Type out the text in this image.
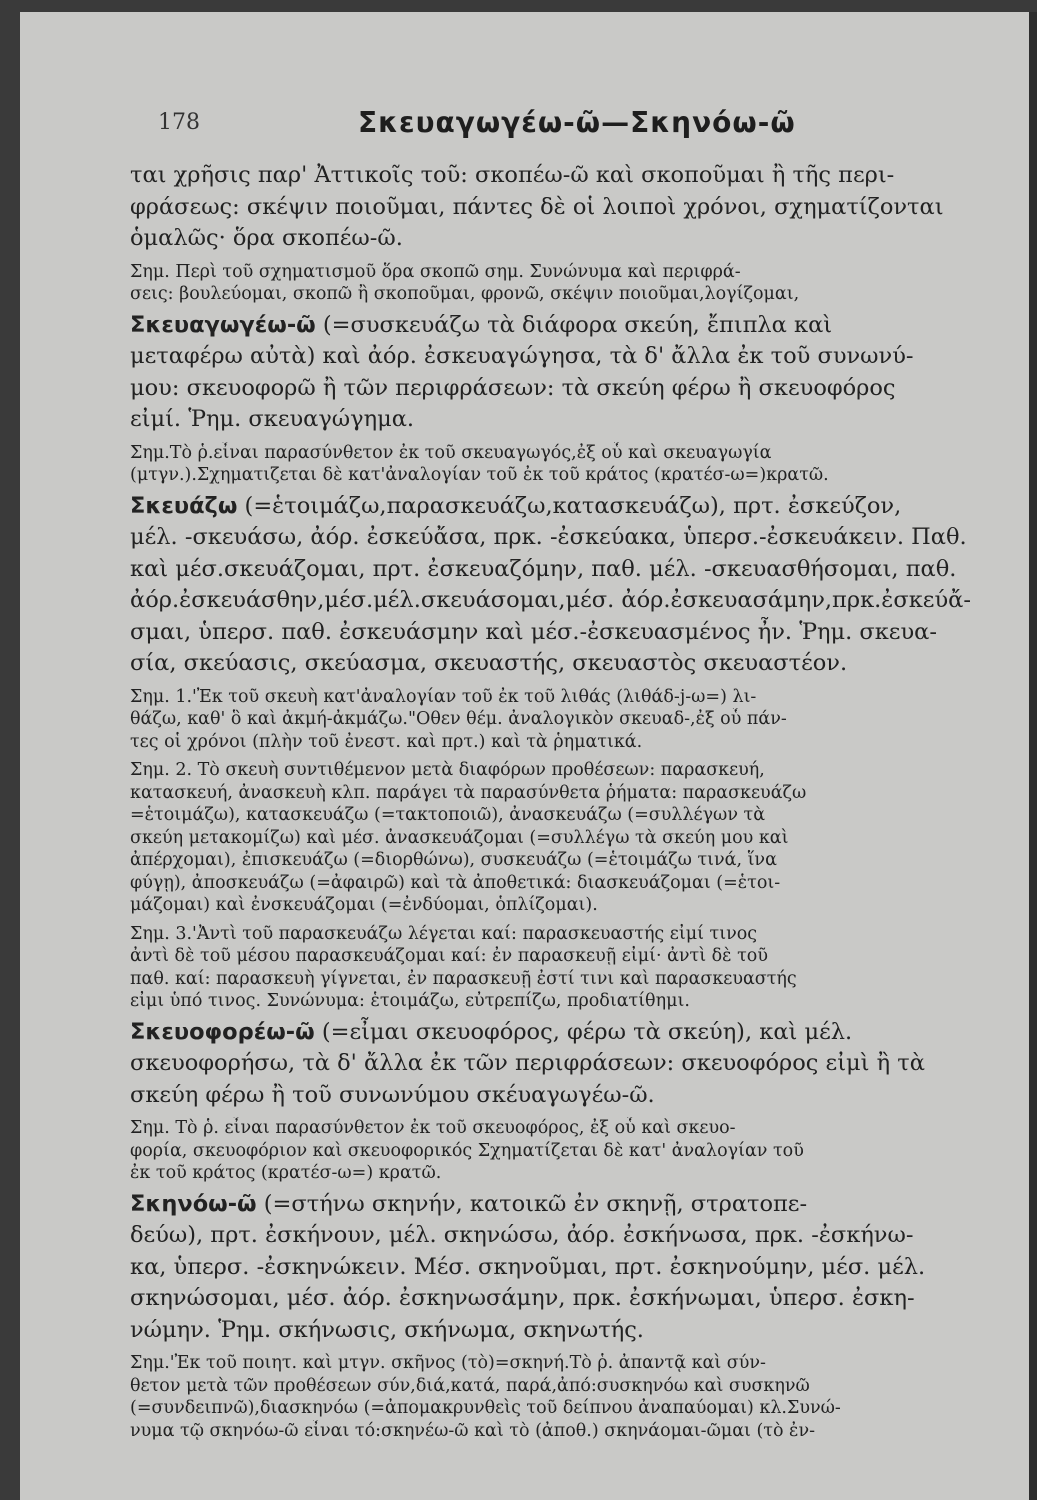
178	Σκευαγωγέω-ῶ—Σκηνόω-ῶ
ται χρῆσις παρ' Ἀττικοῖς τοῦ: σκοπέω-ῶ καὶ σκοποῦμαι ἢ τῆς περι-
φράσεως: σκέψιν ποιοῦμαι, πάντες δὲ οἱ λοιποὶ χρόνοι, σχηματίζονται
ὁμαλῶς· ὅρα σκοπέω-ῶ.
Σημ. Περὶ τοῦ σχηματισμοῦ ὅρα σκοπῶ σημ. Συνώνυμα καὶ περιφρά-
σεις: βουλεύομαι, σκοπῶ ἢ σκοποῦμαι, φρονῶ, σκέψιν ποιοῦμαι,λογίζομαι,
Σκευαγωγέω-ῶ (=συσκευάζω τὰ διάφορα σκεύη, ἔπιπλα καὶ
μεταφέρω αὐτὰ) καὶ ἀόρ. ἐσκευαγώγησα, τὰ δ' ἄλλα ἐκ τοῦ συνωνύ-
μου: σκευοφορῶ ἢ τῶν περιφράσεων: τὰ σκεύη φέρω ἢ σκευοφόρος
εἰμί. Ῥημ. σκευαγώγημα.
Σημ.Τὸ ῥ.εἶναι παρασύνθετον ἐκ τοῦ σκευαγωγός,ἐξ οὗ καὶ σκευαγωγία
(μτγν.).Σχηματιζεται δὲ κατ'ἀναλογίαν τοῦ ἐκ τοῦ κράτος (κρατέσ-ω=)κρατῶ.
Σκευάζω (=ἑτοιμάζω,παρασκευάζω,κατασκευάζω), πρτ. ἐσκεύζον,
μέλ. -σκευάσω, ἀόρ. ἐσκεύἄσα, πρκ. -ἐσκεύακα, ὑπερσ.-ἐσκευάκειν. Παθ.
καὶ μέσ.σκευάζομαι, πρτ. ἐσκευαζόμην, παθ. μέλ. -σκευασθήσομαι, παθ.
ἀόρ.ἐσκευάσθην,μέσ.μέλ.σκευάσομαι,μέσ. ἀόρ.ἐσκευασάμην,πρκ.ἐσκεύἄ-
σμαι, ὑπερσ. παθ. ἐσκευάσμην καὶ μέσ.-ἐσκευασμένος ἦν. Ῥημ. σκευα-
σία, σκεύασις, σκεύασμα, σκευαστής, σκευαστὸς σκευαστέον.
Σημ. 1.'Ἐκ τοῦ σκευὴ κατ'ἀναλογίαν τοῦ ἐκ τοῦ λιθάς (λιθάδ-j-ω=) λι-
θάζω, καθ' ὃ καὶ ἀκμή-ἀκμάζω."Οθεν θέμ. ἀναλογικὸν σκευαδ-,ἐξ οὗ πάν-
τες οἱ χρόνοι (πλὴν τοῦ ἐνεστ. καὶ πρτ.) καὶ τὰ ῥηματικά.
Σημ. 2. Τὸ σκευὴ συντιθέμενον μετὰ διαφόρων προθέσεων: παρασκευή,
κατασκευή, ἀνασκευὴ κλπ. παράγει τὰ παρασύνθετα ῥήματα: παρασκευάζω
=ἑτοιμάζω), κατασκευάζω (=τακτοποιῶ), ἀνασκευάζω (=συλλέγων τὰ
σκεύη μετακομίζω) καὶ μέσ. ἀνασκευάζομαι (=συλλέγω τὰ σκεύη μου καὶ
ἀπέρχομαι), ἐπισκευάζω (=διορθώνω), συσκευάζω (=ἑτοιμάζω τινά, ἵνα
φύγῃ), ἀποσκευάζω (=ἀφαιρῶ) καὶ τὰ ἀποθετικά: διασκευάζομαι (=ἑτοι-
μάζομαι) καὶ ἐνσκευάζομαι (=ἐνδύομαι, ὁπλίζομαι).
Σημ. 3.'Ἀντὶ τοῦ παρασκευάζω λέγεται καί: παρασκευαστής εἰμί τινος
ἀντὶ δὲ τοῦ μέσου παρασκευάζομαι καί: ἐν παρασκευῇ εἰμί· ἀντὶ δὲ τοῦ
παθ. καί: παρασκευὴ γίγνεται, ἐν παρασκευῇ ἐστί τινι καὶ παρασκευαστής
εἰμι ὑπό τινος. Συνώνυμα: ἑτοιμάζω, εὐτρεπίζω, προδιατίθημι.
Σκευοφορέω-ῶ (=εἶμαι σκευοφόρος, φέρω τὰ σκεύη), καὶ μέλ.
σκευοφορήσω, τὰ δ' ἄλλα ἐκ τῶν περιφράσεων: σκευοφόρος εἰμὶ ἢ τὰ
σκεύη φέρω ἢ τοῦ συνωνύμου σκέυαγωγέω-ῶ.
Σημ. Τὸ ῥ. εἶναι παρασύνθετον ἐκ τοῦ σκευοφόρος, ἐξ οὗ καὶ σκευο-
φορία, σκευοφόριον καὶ σκευοφορικός Σχηματίζεται δὲ κατ' ἀναλογίαν τοῦ
ἐκ τοῦ κράτος (κρατέσ-ω=) κρατῶ.
Σκηνόω-ῶ (=στήνω σκηνήν, κατοικῶ ἐν σκηνῇ, στρατοπε-
δεύω), πρτ. ἐσκήνουν, μέλ. σκηνώσω, ἀόρ. ἐσκήνωσα, πρκ. -ἐσκήνω-
κα, ὑπερσ. -ἐσκηνώκειν. Μέσ. σκηνοῦμαι, πρτ. ἐσκηνούμην, μέσ. μέλ.
σκηνώσομαι, μέσ. ἀόρ. ἐσκηνωσάμην, πρκ. ἐσκήνωμαι, ὑπερσ. ἐσκη-
νώμην. Ῥημ. σκήνωσις, σκήνωμα, σκηνωτής.
Σημ.'Ἐκ τοῦ ποιητ. καὶ μτγν. σκῆνος (τὸ)=σκηνή.Τὸ ῥ. ἀπαντᾷ καὶ σύν-
θετον μετὰ τῶν προθέσεων σύν,διά,κατά, παρά,ἀπό:συσκηνόω καὶ συσκηνῶ
(=συνδειπνῶ),διασκηνόω (=ἀπομακρυνθεὶς τοῦ δείπνου ἀναπαύομαι) κλ.Συνώ-
νυμα τῷ σκηνόω-ῶ εἶναι τό:σκηνέω-ῶ καὶ τὸ (ἀποθ.) σκηνάομαι-ῶμαι (τὸ ἐν-
